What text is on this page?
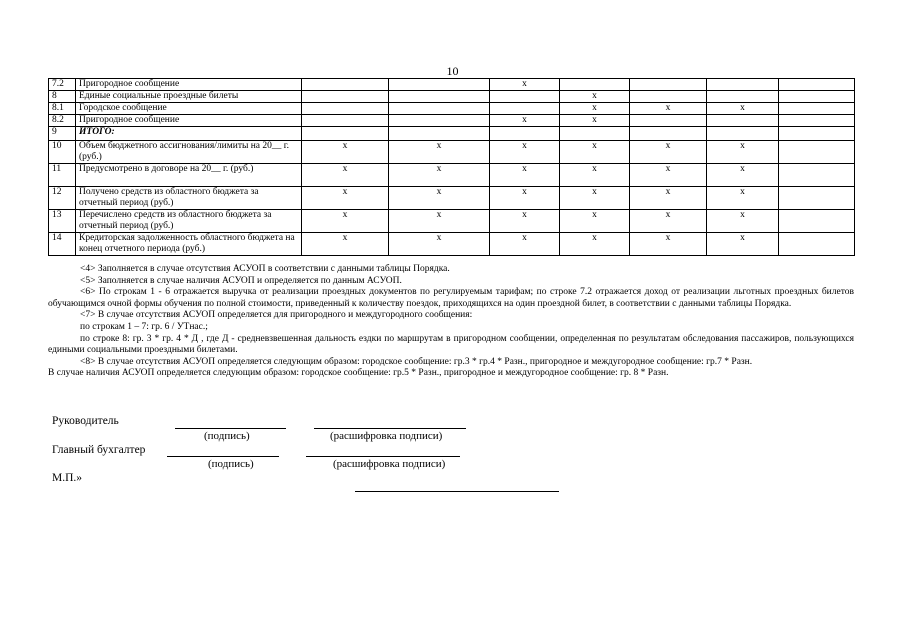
10
7.2	Пригородное сообщение			x				
8	Единые социальные проездные билеты				x			
8.1	Городское сообщение				x	x	x	
8.2	Пригородное сообщение			x	x			
9	ИТОГО:							
10	Объем бюджетного ассигнования/лимиты на 20__ г. (руб.)	x	x	x	x	x	x	
11	Предусмотрено в договоре на 20__ г. (руб.)	x	x	x	x	x	x	
12	Получено средств из областного бюджета за отчетный период (руб.)	x	x	x	x	x	x	
13	Перечислено средств из областного бюджета за отчетный период (руб.)	x	x	x	x	x	x	
14	Кредиторская задолженность областного бюджета на конец отчетного периода (руб.)	x	x	x	x	x	x	

<4> Заполняется в случае отсутствия АСУОП в соответствии с данными таблицы Порядка.

<5> Заполняется в случае наличия АСУОП и определяется по данным АСУОП.

<6> По строкам 1 - 6 отражается выручка от реализации проездных документов по регулируемым тарифам; по строке 7.2 отражается доход от реализации льготных проездных билетов обучающимся очной формы обучения по полной стоимости, приведенный к количеству поездок, приходящихся на один проездной билет, в соответствии с данными таблицы Порядка.

<7> В случае отсутствия АСУОП определяется для пригородного и междугородного сообщения:

по строкам 1 – 7: гр. 6 / УТнас.;

по строке 8: гр. 3 * гр. 4 * Д , где Д - средневзвешенная дальность ездки по маршрутам в пригородном сообщении, определенная по результатам обследования пассажиров, пользующихся едиными социальными проездными билетами.

<8> В случае отсутствия АСУОП определяется следующим образом: городское сообщение: гр.3 * гр.4 * Разн., пригородное и междугородное сообщение: гр.7 * Разн.

В случае наличия АСУОП определяется следующим образом: городское сообщение: гр.5 * Разн., пригородное и междугородное сообщение: гр. 8 * Разн.

Руководитель
(подпись)	(расшифровка подписи)
Главный бухгалтер
(подпись)	(расшифровка подписи)
М.П.»
